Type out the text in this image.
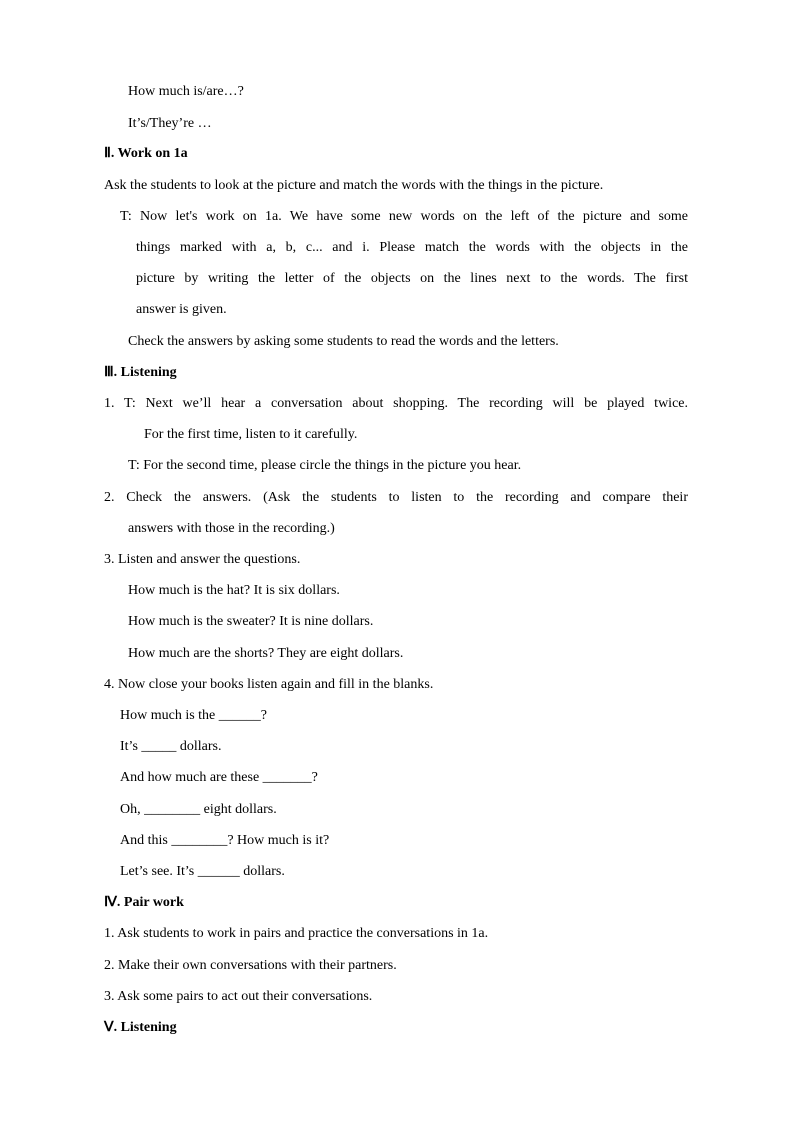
How much is/are…?
It’s/They’re …
Ⅱ. Work on 1a
Ask the students to look at the picture and match the words with the things in the picture.
T: Now let's work on 1a. We have some new words on the left of the picture and some
things marked with a, b, c... and i. Please match the words with the objects in the
picture by writing the letter of the objects on the lines next to the words. The first
answer is given.
Check the answers by asking some students to read the words and the letters.
Ⅲ. Listening
1. T: Next we’ll hear a conversation about shopping. The recording will be played twice.
For the first time, listen to it carefully.
T: For the second time, please circle the things in the picture you hear.
2. Check the answers. (Ask the students to listen to the recording and compare their
answers with those in the recording.)
3. Listen and answer the questions.
How much is the hat? It is six dollars.
How much is the sweater? It is nine dollars.
How much are the shorts? They are eight dollars.
4. Now close your books listen again and fill in the blanks.
How much is the ______?
It’s _____ dollars.
And how much are these _______?
Oh, ________ eight dollars.
And this ________? How much is it?
Let’s see. It’s ______ dollars.
Ⅳ. Pair work
1. Ask students to work in pairs and practice the conversations in 1a.
2. Make their own conversations with their partners.
3. Ask some pairs to act out their conversations.
Ⅴ. Listening
